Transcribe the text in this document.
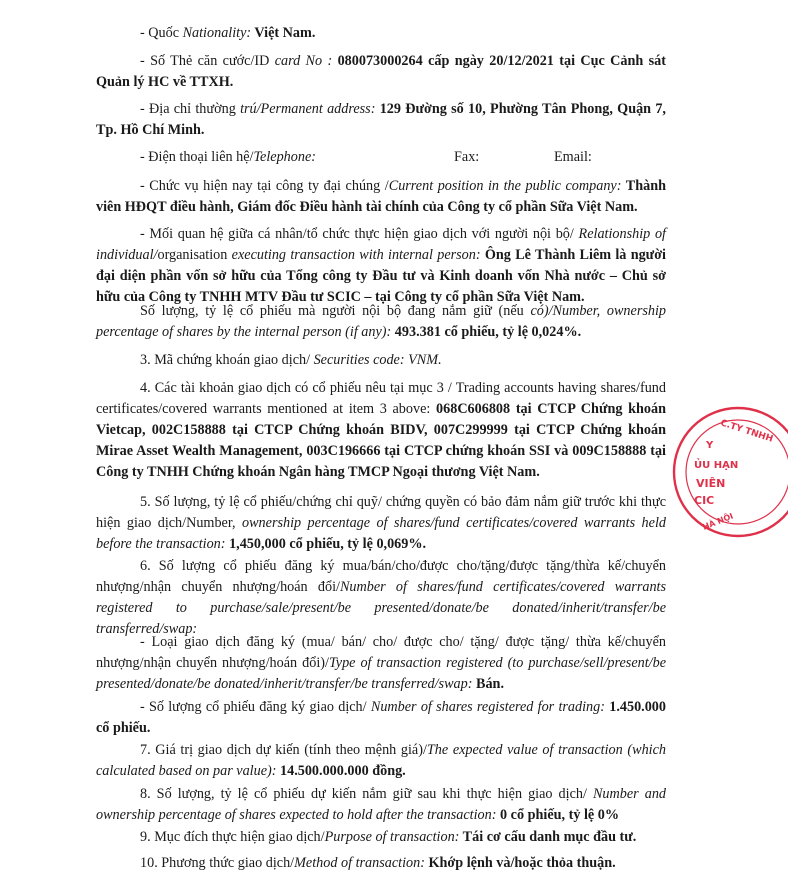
- Quốc Nationality: Việt Nam.
- Số Thẻ căn cước/ID card No : 080073000264 cấp ngày 20/12/2021 tại Cục Cảnh sát Quản lý HC về TTXH.
- Địa chỉ thường trú/Permanent address: 129 Đường số 10, Phường Tân Phong, Quận 7, Tp. Hồ Chí Minh.
- Điện thoại liên hệ/Telephone:	Fax:	Email:
- Chức vụ hiện nay tại công ty đại chúng /Current position in the public company: Thành viên HĐQT điều hành, Giám đốc Điều hành tài chính của Công ty cổ phần Sữa Việt Nam.
- Mối quan hệ giữa cá nhân/tổ chức thực hiện giao dịch với người nội bộ/ Relationship of individual/organisation executing transaction with internal person: Ông Lê Thành Liêm là người đại diện phần vốn sở hữu của Tổng công ty Đầu tư và Kinh doanh vốn Nhà nước – Chủ sở hữu của Công ty TNHH MTV Đầu tư SCIC – tại Công ty cổ phần Sữa Việt Nam.
Số lượng, tỷ lệ cổ phiếu mà người nội bộ đang nắm giữ (nếu có)/Number, ownership percentage of shares by the internal person (if any): 493.381 cổ phiếu, tỷ lệ 0,024%.
3. Mã chứng khoán giao dịch/ Securities code: VNM.
4. Các tài khoản giao dịch có cổ phiếu nêu tại mục 3 / Trading accounts having shares/fund certificates/covered warrants mentioned at item 3 above: 068C606808 tại CTCP Chứng khoán Vietcap, 002C158888 tại CTCP Chứng khoán BIDV, 007C299999 tại CTCP Chứng khoán Mirae Asset Wealth Management, 003C196666 tại CTCP chứng khoán SSI và 009C158888 tại Công ty TNHH Chứng khoán Ngân hàng TMCP Ngoại thương Việt Nam.
5. Số lượng, tỷ lệ cổ phiếu/chứng chỉ quỹ/ chứng quyền có bảo đảm nắm giữ trước khi thực hiện giao dịch/Number, ownership percentage of shares/fund certificates/covered warrants held before the transaction: 1,450,000 cổ phiếu, tỷ lệ 0,069%.
6. Số lượng cổ phiếu đăng ký mua/bán/cho/được cho/tặng/được tặng/thừa kế/chuyển nhượng/nhận chuyển nhượng/hoán đổi/Number of shares/fund certificates/covered warrants registered to purchase/sale/present/be presented/donate/be donated/inherit/transfer/be transferred/swap:
- Loại giao dịch đăng ký (mua/ bán/ cho/ được cho/ tặng/ được tặng/ thừa kế/chuyển nhượng/nhận chuyển nhượng/hoán đổi)/Type of transaction registered (to purchase/sell/present/be presented/donate/be donated/inherit/transfer/be transferred/swap: Bán.
- Số lượng cổ phiếu đăng ký giao dịch/ Number of shares registered for trading: 1.450.000 cổ phiếu.
7. Giá trị giao dịch dự kiến (tính theo mệnh giá)/The expected value of transaction (which calculated based on par value): 14.500.000.000 đồng.
8. Số lượng, tỷ lệ cổ phiếu dự kiến nắm giữ sau khi thực hiện giao dịch/ Number and ownership percentage of shares expected to hold after the transaction: 0 cổ phiếu, tỷ lệ 0%
9. Mục đích thực hiện giao dịch/Purpose of transaction: Tái cơ cấu danh mục đầu tư.
10. Phương thức giao dịch/Method of transaction: Khớp lệnh và/hoặc thỏa thuận.
C.TY TNHH
Y
ỦU HẠN
VIÊN
CIC
HÀ NỘI
